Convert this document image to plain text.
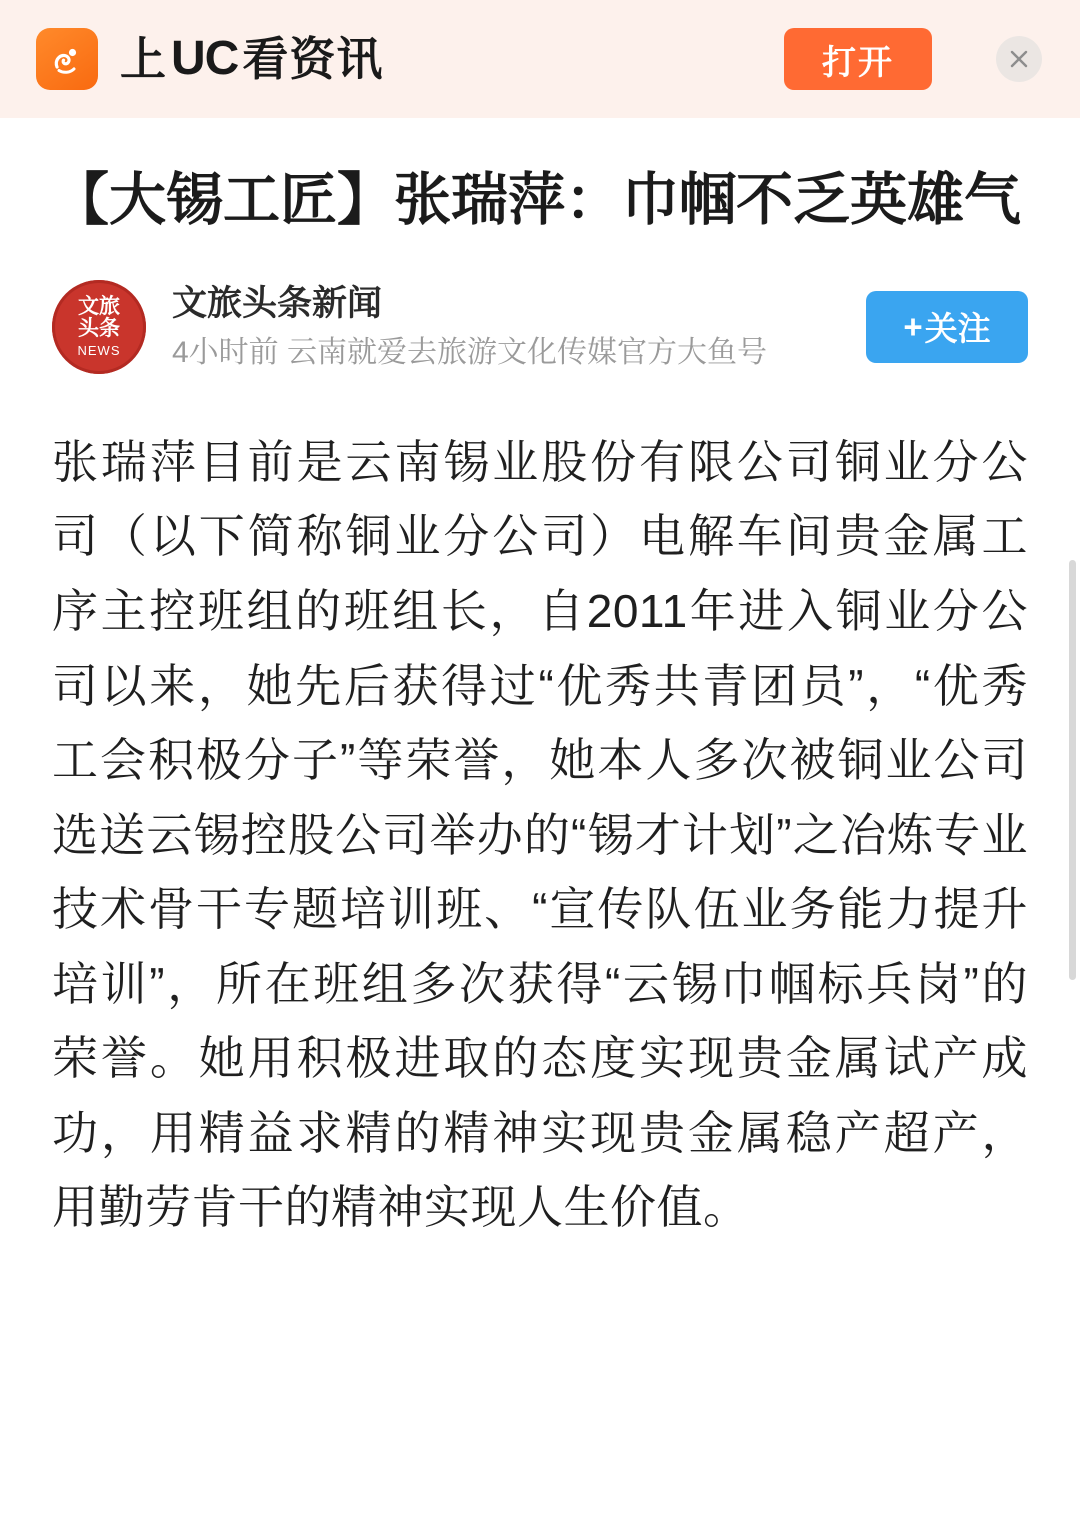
上 UC 看资讯	打开
【大锡工匠】张瑞萍：巾帼不乏英雄气
文旅
头条
NEWS
文旅头条新闻
4小时前 云南就爱去旅游文化传媒官方大鱼号
+ 关注

张瑞萍目前是云南锡业股份有限公司铜业分公司（以下简称铜业分公司）电解车间贵金属工序主控班组的班组长，自2011年进入铜业分公司以来，她先后获得过“优秀共青团员”，“优秀工会积极分子”等荣誉，她本人多次被铜业公司选送云锡控股公司举办的“锡才计划”之冶炼专业技术骨干专题培训班、“宣传队伍业务能力提升培训”，所在班组多次获得“云锡巾帼标兵岗”的荣誉。她用积极进取的态度实现贵金属试产成功，用精益求精的精神实现贵金属稳产超产，用勤劳肯干的精神实现人生价值。
